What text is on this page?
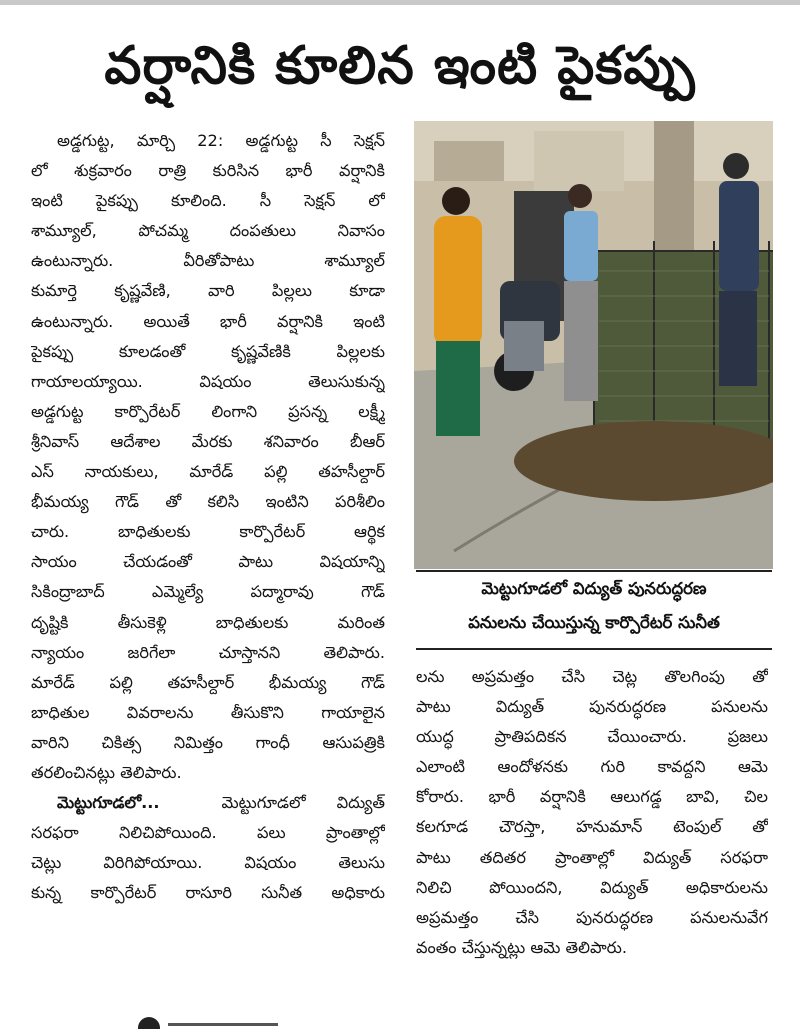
వర్షానికి కూలిన ఇంటి పైకప్పు
అడ్డగుట్ట, మార్చి 22: అడ్డగుట్ట సీ సెక్షన్
లో శుక్రవారం రాత్రి కురిసిన భారీ వర్షానికి
ఇంటి పైకప్పు కూలింది. సీ సెక్షన్ లో
శామ్యూల్, పోచమ్మ దంపతులు నివాసం
ఉంటున్నారు. వీరితోపాటు శామ్యూల్
కుమార్తె కృష్ణవేణి, వారి పిల్లలు కూడా
ఉంటున్నారు. అయితే భారీ వర్షానికి ఇంటి
పైకప్పు కూలడంతో కృష్ణవేణికి పిల్లలకు
గాయాలయ్యాయి. విషయం తెలుసుకున్న
అడ్డగుట్ట కార్పొరేటర్ లింగాని ప్రసన్న లక్ష్మీ
శ్రీనివాస్ ఆదేశాల మేరకు శనివారం బీఆర్
ఎస్ నాయకులు, మారేడ్ పల్లి తహసీల్దార్
భీమయ్య గౌడ్ తో కలిసి ఇంటిని పరిశీలిం
చారు. బాధితులకు కార్పొరేటర్ ఆర్థిక
సాయం చేయడంతో పాటు విషయాన్ని
సికింద్రాబాద్ ఎమ్మెల్యే పద్మారావు గౌడ్
దృష్టికి తీసుకెళ్లి బాధితులకు మరింత
న్యాయం జరిగేలా చూస్తానని తెలిపారు.
మారేడ్ పల్లి తహసీల్దార్ భీమయ్య గౌడ్
బాధితుల వివరాలను తీసుకొని గాయాలైన
వారిని చికిత్స నిమిత్తం గాంధీ ఆసుపత్రికి
తరలించినట్లు తెలిపారు.
మెట్టుగూడలో...	మెట్టుగూడలో విద్యుత్
సరఫరా నిలిచిపోయింది. పలు ప్రాంతాల్లో
చెట్లు విరిగిపోయాయి. విషయం తెలుసు
కున్న కార్పొరేటర్ రాసూరి సునీత అధికారు
మెట్టుగూడలో విద్యుత్ పునరుద్ధరణ
పనులను చేయిస్తున్న కార్పొరేటర్ సునీత
లను అప్రమత్తం చేసి చెట్ల తొలగింపు తో
పాటు విద్యుత్ పునరుద్ధరణ పనులను
యుద్ధ ప్రాతిపదికన చేయించారు. ప్రజలు
ఎలాంటి ఆందోళనకు గురి కావద్దని ఆమె
కోరారు. భారీ వర్షానికి ఆలుగడ్డ బావి, చిల
కలగూడ చౌరస్తా, హనుమాన్ టెంపుల్ తో
పాటు తదితర ప్రాంతాల్లో విద్యుత్ సరఫరా
నిలిచి పోయిందని, విద్యుత్ అధికారులను
అప్రమత్తం చేసి పునరుద్ధరణ పనులనువేగ
వంతం చేస్తున్నట్లు ఆమె తెలిపారు.
